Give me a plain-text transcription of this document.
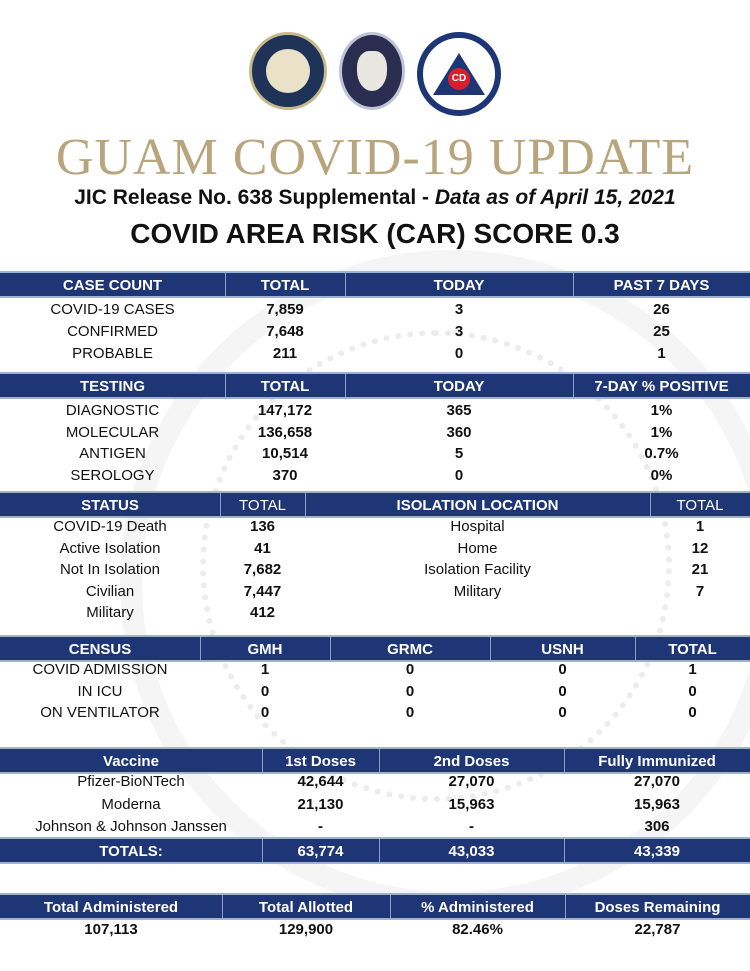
CD
GUAM COVID-19 UPDATE
JIC Release No. 638 Supplemental - Data as of April 15, 2021
COVID AREA RISK (CAR) SCORE 0.3
CASE COUNT	TOTAL	TODAY	PAST 7 DAYS
COVID-19 CASES	7,859	3	26
CONFIRMED	7,648	3	25
PROBABLE	211	0	1
TESTING	TOTAL	TODAY	7-DAY % POSITIVE
DIAGNOSTIC	147,172	365	1%
MOLECULAR	136,658	360	1%
ANTIGEN	10,514	5	0.7%
SEROLOGY	370	0	0%
STATUS	TOTAL	ISOLATION LOCATION	TOTAL
COVID-19 Death	136	Hospital	1
Active Isolation	41	Home	12
Not In Isolation	7,682	Isolation Facility	21
Civilian	7,447	Military	7
Military	412
CENSUS	GMH	GRMC	USNH	TOTAL
COVID ADMISSION	1	0	0	1
IN ICU	0	0	0	0
ON VENTILATOR	0	0	0	0
Vaccine	1st Doses	2nd Doses	Fully Immunized
Pfizer-BioNTech	42,644	27,070	27,070
Moderna	21,130	15,963	15,963
Johnson & Johnson Janssen	-	-	306
TOTALS:	63,774	43,033	43,339
Total Administered	Total Allotted	% Administered	Doses Remaining
107,113	129,900	82.46%	22,787
